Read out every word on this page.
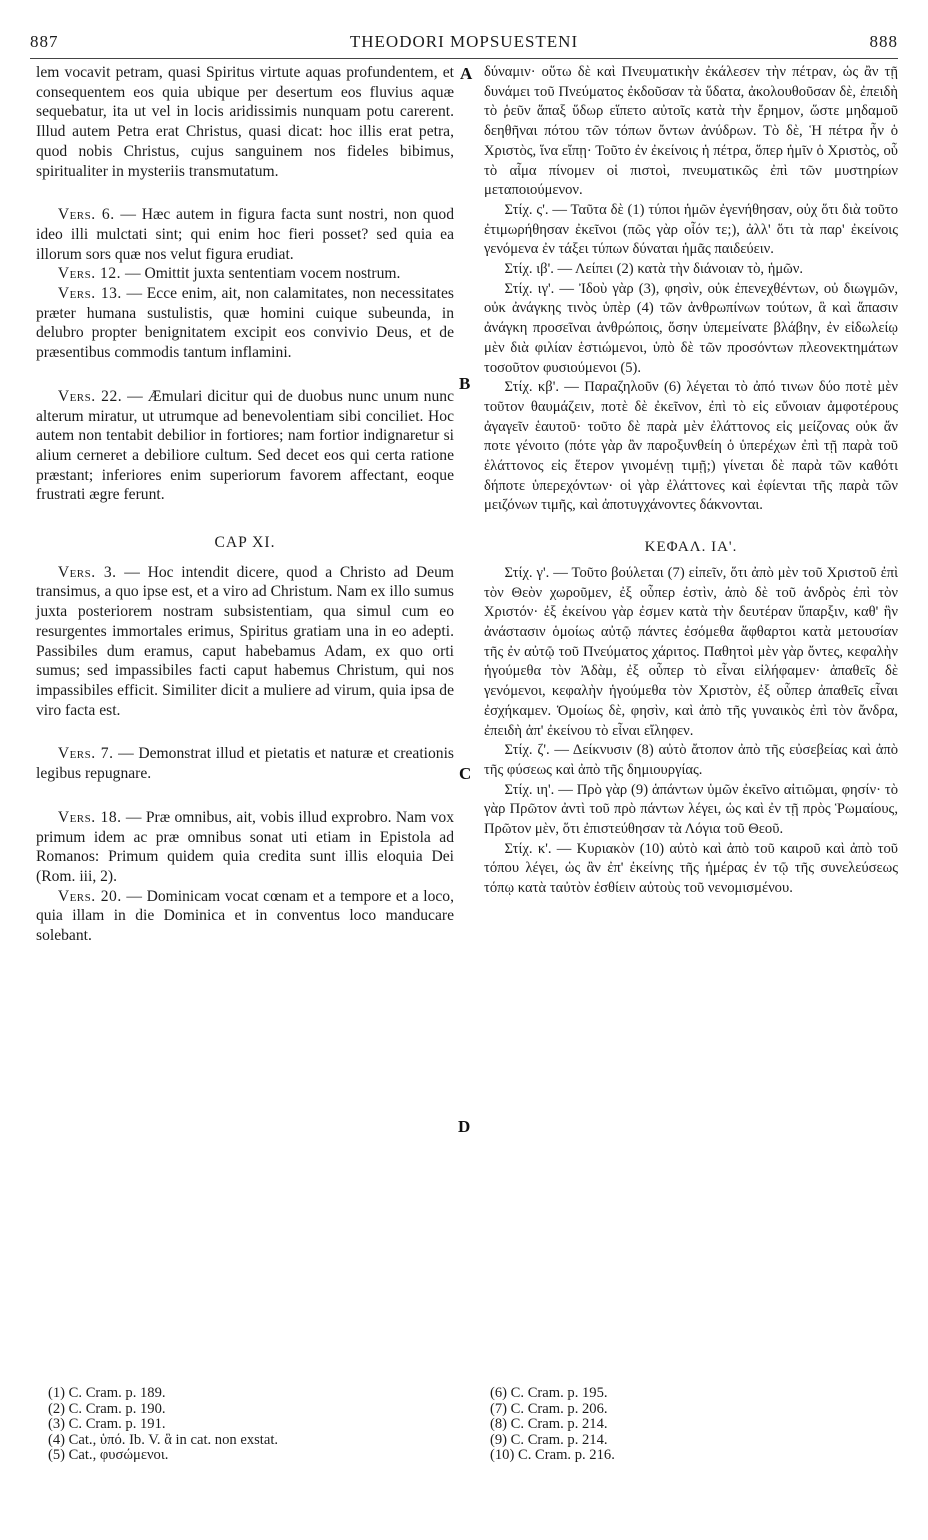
887	THEODORI MOPSUESTENI	888
A
B
C
D

lem vocavit petram, quasi Spiritus virtute aquas profundentem, et consequentem eos quia ubique per desertum eos fluvius aquæ sequebatur, ita ut vel in locis aridissimis nunquam potu carerent. Illud autem Petra erat Christus, quasi dicat: hoc illis erat petra, quod nobis Christus, cujus sanguinem nos fideles bibimus, spiritualiter in mysteriis transmutatum.

Vers. 6. — Hæc autem in figura facta sunt nostri, non quod ideo illi mulctati sint; qui enim hoc fieri posset? sed quia ea illorum sors quæ nos velut figura erudiat.

Vers. 12. — Omittit juxta sententiam vocem nostrum.

Vers. 13. — Ecce enim, ait, non calamitates, non necessitates præter humana sustulistis, quæ homini cuique subeunda, in delubro propter benignitatem excipit eos convivio Deus, et de præsentibus commodis tantum inflamini.

Vers. 22. — Æmulari dicitur qui de duobus nunc unum nunc alterum miratur, ut utrumque ad benevolentiam sibi conciliet. Hoc autem non tentabit debilior in fortiores; nam fortior indignaretur si alium cerneret a debiliore cultum. Sed decet eos qui certa ratione præstant; inferiores enim superiorum favorem affectant, eoque frustrati ægre ferunt.

CAP XI.

Vers. 3. — Hoc intendit dicere, quod a Christo ad Deum transimus, a quo ipse est, et a viro ad Christum. Nam ex illo sumus juxta posteriorem nostram subsistentiam, qua simul cum eo resurgentes immortales erimus, Spiritus gratiam una in eo adepti. Passibiles dum eramus, caput habebamus Adam, ex quo orti sumus; sed impassibiles facti caput habemus Christum, qui nos impassibiles efficit. Similiter dicit a muliere ad virum, quia ipsa de viro facta est.

Vers. 7. — Demonstrat illud et pietatis et naturæ et creationis legibus repugnare.

Vers. 18. — Præ omnibus, ait, vobis illud exprobro. Nam vox primum idem ac præ omnibus sonat uti etiam in Epistola ad Romanos: Primum quidem quia credita sunt illis eloquia Dei (Rom. iii, 2).

Vers. 20. — Dominicam vocat cœnam et a tempore et a loco, quia illam in die Dominica et in conventus loco manducare solebant.

δύναμιν· οὕτω δὲ καὶ Πνευματικὴν ἐκάλεσεν τὴν πέτραν, ὡς ἂν τῇ δυνάμει τοῦ Πνεύματος ἐκδοῦσαν τὰ ὕδατα, ἀκολουθοῦσαν δὲ, ἐπειδὴ τὸ ῥεῦν ἅπαξ ὕδωρ εἵπετο αὐτοῖς κατὰ τὴν ἔρημον, ὥστε μηδαμοῦ δεηθῆναι πότου τῶν τόπων ὄντων ἀνύδρων. Τὸ δὲ, Ἡ πέτρα ἦν ὁ Χριστὸς, ἵνα εἴπῃ· Τοῦτο ἐν ἐκείνοις ἡ πέτρα, ὅπερ ἡμῖν ὁ Χριστὸς, οὗ τὸ αἷμα πίνομεν οἱ πιστοὶ, πνευματικῶς ἐπὶ τῶν μυστηρίων μεταποιούμενον.

Στίχ. ς'. — Ταῦτα δὲ (1) τύποι ἡμῶν ἐγενήθησαν, οὐχ ὅτι διὰ τοῦτο ἐτιμωρήθησαν ἐκεῖνοι (πῶς γὰρ οἷόν τε;), ἀλλ' ὅτι τὰ παρ' ἐκείνοις γενόμενα ἐν τάξει τύπων δύναται ἡμᾶς παιδεύειν.

Στίχ. ιβ'. — Λείπει (2) κατὰ τὴν διάνοιαν τὸ, ἡμῶν.

Στίχ. ιγ'. — Ἰδοὺ γὰρ (3), φησὶν, οὐκ ἐπενεχθέντων, οὐ διωγμῶν, οὐκ ἀνάγκης τινὸς ὑπὲρ (4) τῶν ἀνθρωπίνων τούτων, ἃ καὶ ἅπασιν ἀνάγκη προσεῖναι ἀνθρώποις, ὅσην ὑπεμείνατε βλάβην, ἐν εἰδωλείῳ μὲν διὰ φιλίαν ἑστιώμενοι, ὑπὸ δὲ τῶν προσόντων πλεονεκτημάτων τοσοῦτον φυσιούμενοι (5).

Στίχ. κβ'. — Παραζηλοῦν (6) λέγεται τὸ ἀπό τινων δύο ποτὲ μὲν τοῦτον θαυμάζειν, ποτὲ δὲ ἐκεῖνον, ἐπὶ τὸ εἰς εὔνοιαν ἀμφοτέρους ἀγαγεῖν ἑαυτοῦ· τοῦτο δὲ παρὰ μὲν ἐλάττονος εἰς μείζονας οὐκ ἄν ποτε γένοιτο (πότε γὰρ ἂν παροξυνθείη ὁ ὑπερέχων ἐπὶ τῇ παρὰ τοῦ ἐλάττονος εἰς ἕτερον γινομένῃ τιμῇ;) γίνεται δὲ παρὰ τῶν καθότι δήποτε ὑπερεχόντων· οἱ γὰρ ἐλάττονες καὶ ἐφίενται τῆς παρὰ τῶν μειζόνων τιμῆς, καὶ ἀποτυγχάνοντες δάκνονται.

ΚΕΦΑΛ. ΙΑ'.

Στίχ. γ'. — Τοῦτο βούλεται (7) εἰπεῖν, ὅτι ἀπὸ μὲν τοῦ Χριστοῦ ἐπὶ τὸν Θεὸν χωροῦμεν, ἐξ οὗπερ ἐστὶν, ἀπὸ δὲ τοῦ ἀνδρὸς ἐπὶ τὸν Χριστόν· ἐξ ἐκείνου γὰρ ἐσμεν κατὰ τὴν δευτέραν ὕπαρξιν, καθ' ἣν ἀνάστασιν ὁμοίως αὐτῷ πάντες ἐσόμεθα ἄφθαρτοι κατὰ μετουσίαν τῆς ἐν αὐτῷ τοῦ Πνεύματος χάριτος. Παθητοὶ μὲν γὰρ ὄντες, κεφαλὴν ἡγούμεθα τὸν Ἀδὰμ, ἐξ οὗπερ τὸ εἶναι εἰλήφαμεν· ἀπαθεῖς δὲ γενόμενοι, κεφαλὴν ἡγούμεθα τὸν Χριστὸν, ἐξ οὗπερ ἀπαθεῖς εἶναι ἐσχήκαμεν. Ὁμοίως δὲ, φησὶν, καὶ ἀπὸ τῆς γυναικὸς ἐπὶ τὸν ἄνδρα, ἐπειδὴ ἀπ' ἐκείνου τὸ εἶναι εἴληφεν.

Στίχ. ζ'. — Δείκνυσιν (8) αὐτὸ ἄτοπον ἀπὸ τῆς εὐσεβείας καὶ ἀπὸ τῆς φύσεως καὶ ἀπὸ τῆς δημιουργίας.

Στίχ. ιη'. — Πρὸ γὰρ (9) ἁπάντων ὑμῶν ἐκεῖνο αἰτιῶμαι, φησίν· τὸ γὰρ Πρῶτον ἀντὶ τοῦ πρὸ πάντων λέγει, ὡς καὶ ἐν τῇ πρὸς Ῥωμαίους, Πρῶτον μὲν, ὅτι ἐπιστεύθησαν τὰ Λόγια τοῦ Θεοῦ.

Στίχ. κ'. — Κυριακὸν (10) αὐτὸ καὶ ἀπὸ τοῦ καιροῦ καὶ ἀπὸ τοῦ τόπου λέγει, ὡς ἂν ἐπ' ἐκείνης τῆς ἡμέρας ἐν τῷ τῆς συνελεύσεως τόπῳ κατὰ ταὐτὸν ἐσθίειν αὐτοὺς τοῦ νενομισμένου.

(1) C. Cram. p. 189.
(2) C. Cram. p. 190.
(3) C. Cram. p. 191.
(4) Cat., ὑπό. Ib. V. ἃ in cat. non exstat.
(5) Cat., φυσώμενοι.
(6) C. Cram. p. 195.
(7) C. Cram. p. 206.
(8) C. Cram. p. 214.
(9) C. Cram. p. 214.
(10) C. Cram. p. 216.
